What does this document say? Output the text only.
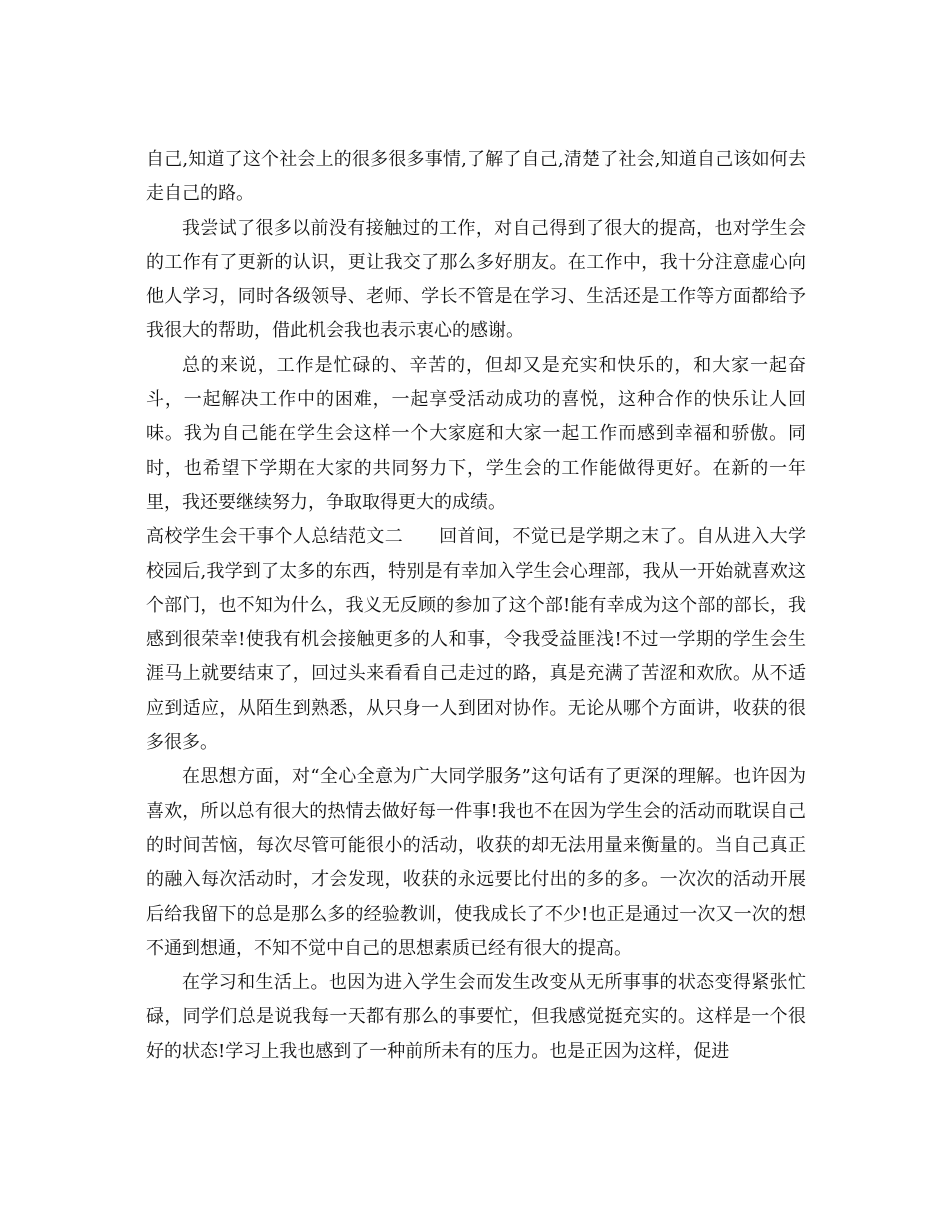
自己,知道了这个社会上的很多很多事情,了解了自己,清楚了社会,知道自己该如何去走自己的路。

我尝试了很多以前没有接触过的工作，对自己得到了很大的提高，也对学生会的工作有了更新的认识，更让我交了那么多好朋友。在工作中，我十分注意虚心向他人学习，同时各级领导、老师、学长不管是在学习、生活还是工作等方面都给予我很大的帮助，借此机会我也表示衷心的感谢。

总的来说，工作是忙碌的、辛苦的，但却又是充实和快乐的，和大家一起奋斗，一起解决工作中的困难，一起享受活动成功的喜悦，这种合作的快乐让人回味。我为自己能在学生会这样一个大家庭和大家一起工作而感到幸福和骄傲。同时，也希望下学期在大家的共同努力下，学生会的工作能做得更好。在新的一年里，我还要继续努力，争取取得更大的成绩。

高校学生会干事个人总结范文二 回首间，不觉已是学期之末了。自从进入大学校园后,我学到了太多的东西，特别是有幸加入学生会心理部，我从一开始就喜欢这个部门，也不知为什么，我义无反顾的参加了这个部!能有幸成为这个部的部长，我感到很荣幸!使我有机会接触更多的人和事，令我受益匪浅!不过一学期的学生会生涯马上就要结束了，回过头来看看自己走过的路，真是充满了苦涩和欢欣。从不适应到适应，从陌生到熟悉，从只身一人到团对协作。无论从哪个方面讲，收获的很多很多。

在思想方面，对“全心全意为广大同学服务”这句话有了更深的理解。也许因为喜欢，所以总有很大的热情去做好每一件事!我也不在因为学生会的活动而耽误自己的时间苦恼，每次尽管可能很小的活动，收获的却无法用量来衡量的。当自己真正的融入每次活动时，才会发现，收获的永远要比付出的多的多。一次次的活动开展后给我留下的总是那么多的经验教训，使我成长了不少!也正是通过一次又一次的想不通到想通，不知不觉中自己的思想素质已经有很大的提高。

在学习和生活上。也因为进入学生会而发生改变从无所事事的状态变得紧张忙碌，同学们总是说我每一天都有那么的事要忙，但我感觉挺充实的。这样是一个很好的状态!学习上我也感到了一种前所未有的压力。也是正因为这样，促进
